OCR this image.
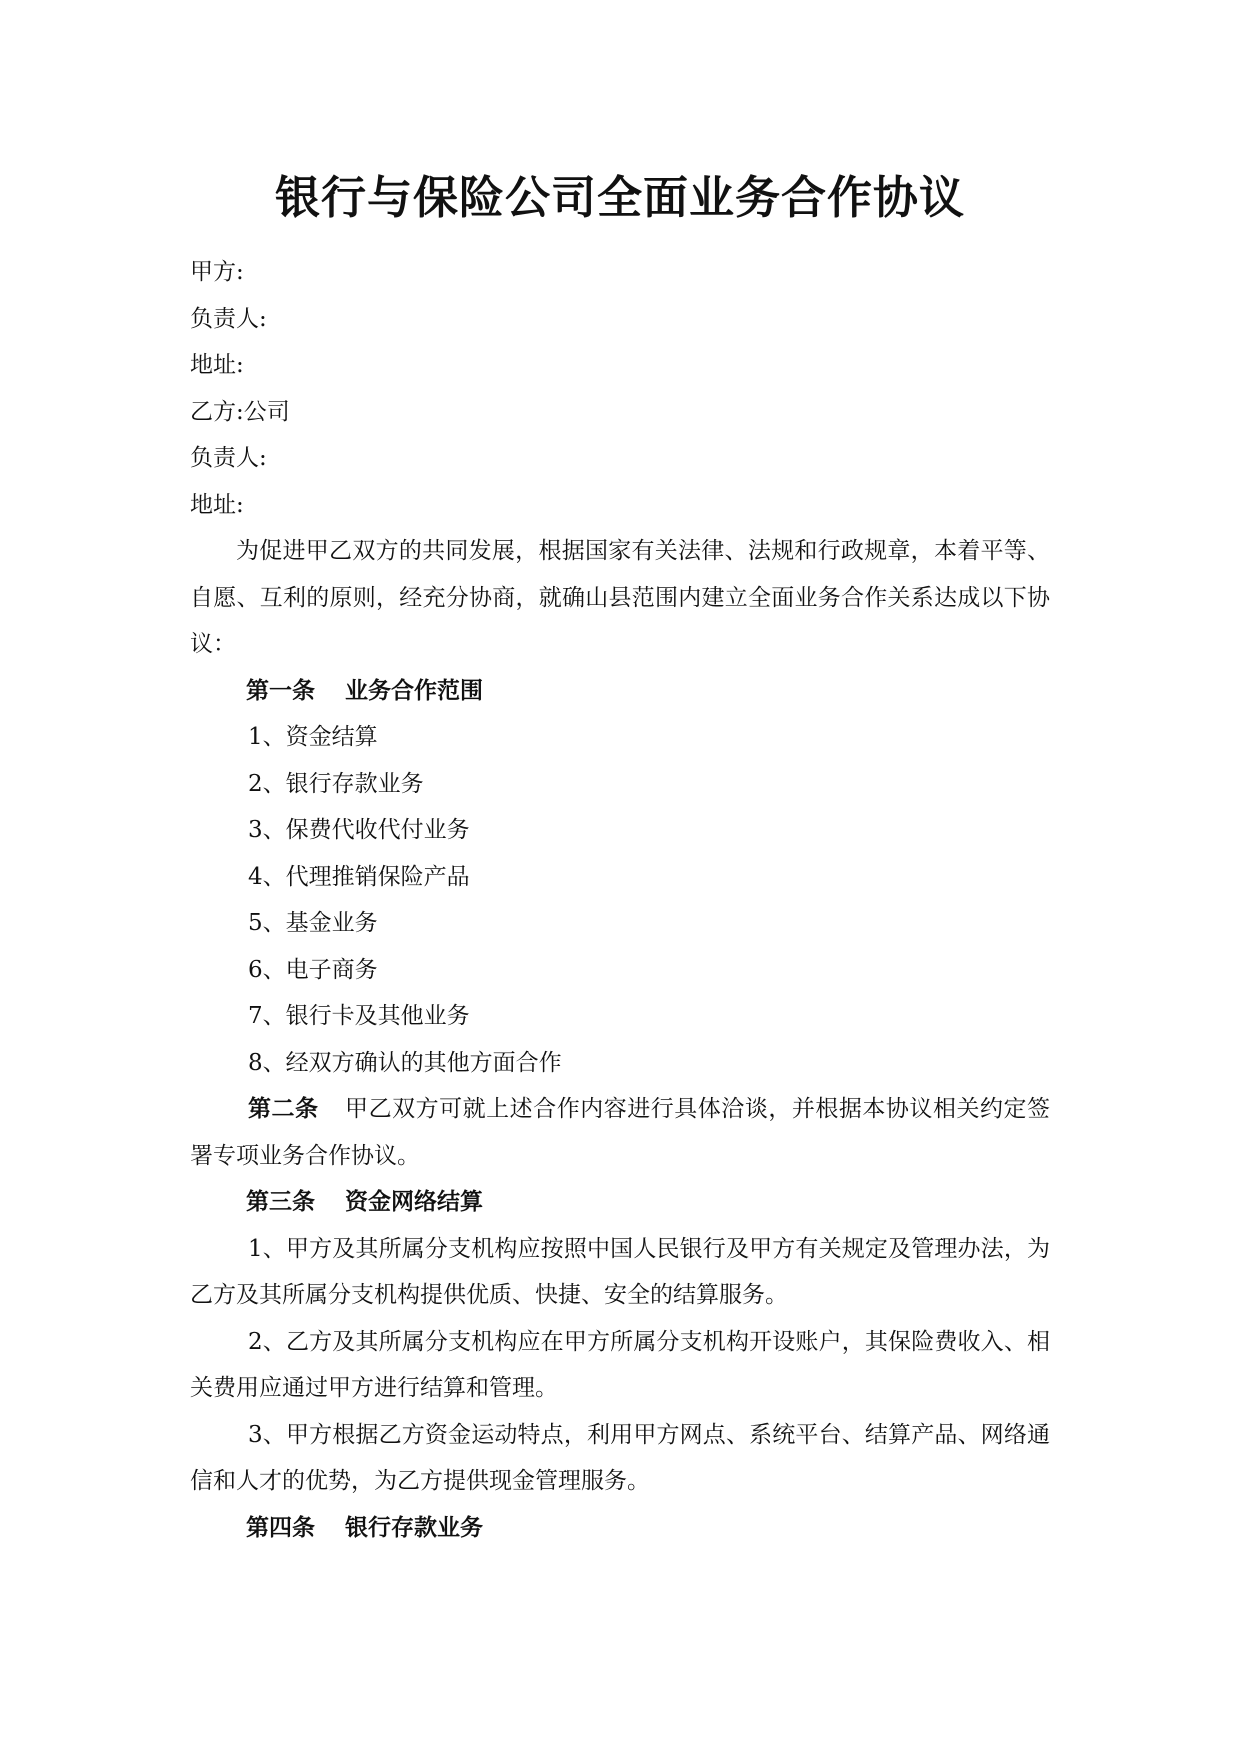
银行与保险公司全面业务合作协议

甲方:

负责人:

地址:

乙方:公司

负责人:

地址:

为促进甲乙双方的共同发展，根据国家有关法律、法规和行政规章，本着平等、自愿、互利的原则，经充分协商，就确山县范围内建立全面业务合作关系达成以下协议：

第一条 业务合作范围

1、资金结算

2、银行存款业务

3、保费代收代付业务

4、代理推销保险产品

5、基金业务

6、电子商务

7、银行卡及其他业务

8、经双方确认的其他方面合作

第二条 甲乙双方可就上述合作内容进行具体洽谈，并根据本协议相关约定签署专项业务合作协议。

第三条 资金网络结算

1、甲方及其所属分支机构应按照中国人民银行及甲方有关规定及管理办法，为乙方及其所属分支机构提供优质、快捷、安全的结算服务。

2、乙方及其所属分支机构应在甲方所属分支机构开设账户，其保险费收入、相关费用应通过甲方进行结算和管理。

3、甲方根据乙方资金运动特点，利用甲方网点、系统平台、结算产品、网络通信和人才的优势，为乙方提供现金管理服务。

第四条 银行存款业务
